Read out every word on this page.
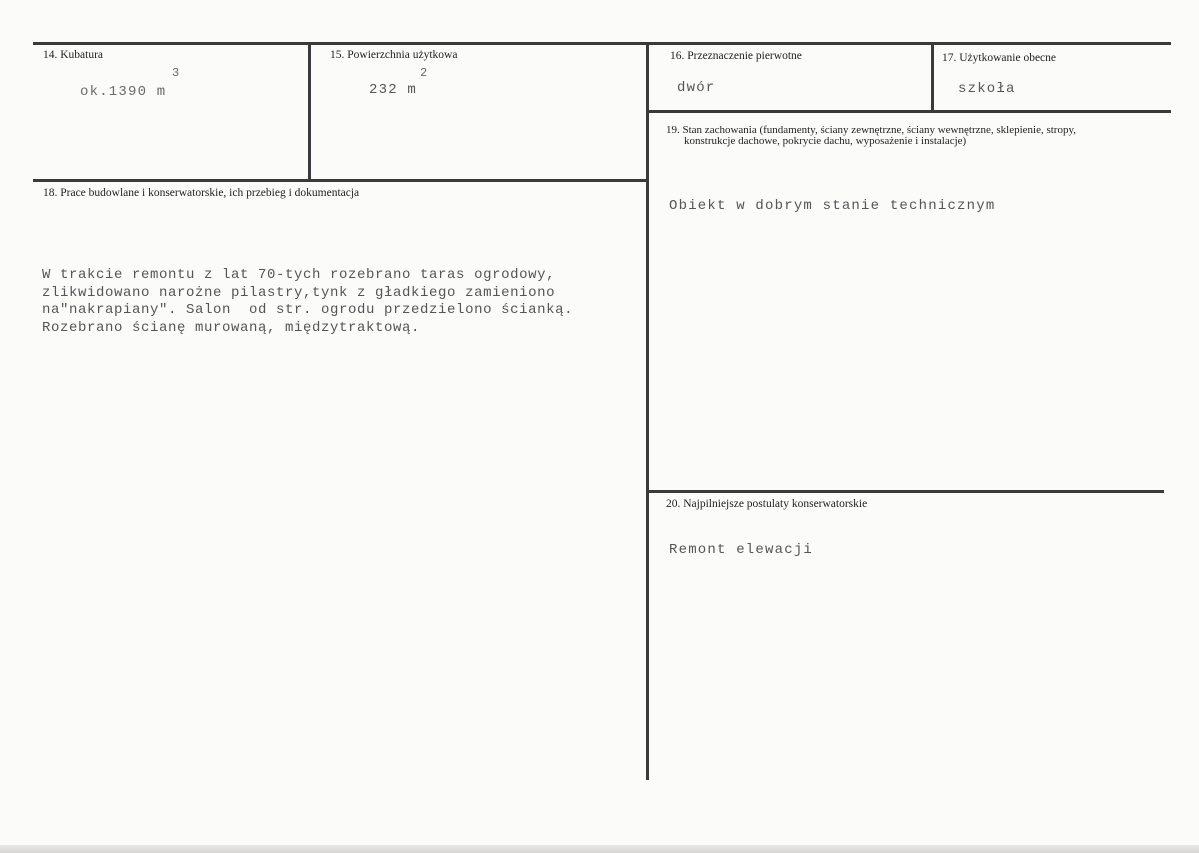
14. Kubatura
3
ok.1390 m
15. Powierzchnia użytkowa
2
232 m
16. Przeznaczenie pierwotne
dwór
17. Użytkowanie obecne
szkoła
18. Prace budowlane i konserwatorskie, ich przebieg i dokumentacja
W trakcie remontu z lat 70-tych rozebrano taras ogrodowy,
zlikwidowano narożne pilastry,tynk z gładkiego zamieniono
na"nakrapiany". Salon  od str. ogrodu przedzielono ścianką.
Rozebrano ścianę murowaną, międzytraktową.
19. Stan zachowania (fundamenty, ściany zewnętrzne, ściany wewnętrzne, sklepienie, stropy,
konstrukcje dachowe, pokrycie dachu, wyposażenie i instalacje)
Obiekt w dobrym stanie technicznym
20. Najpilniejsze postulaty konserwatorskie
Remont elewacji
